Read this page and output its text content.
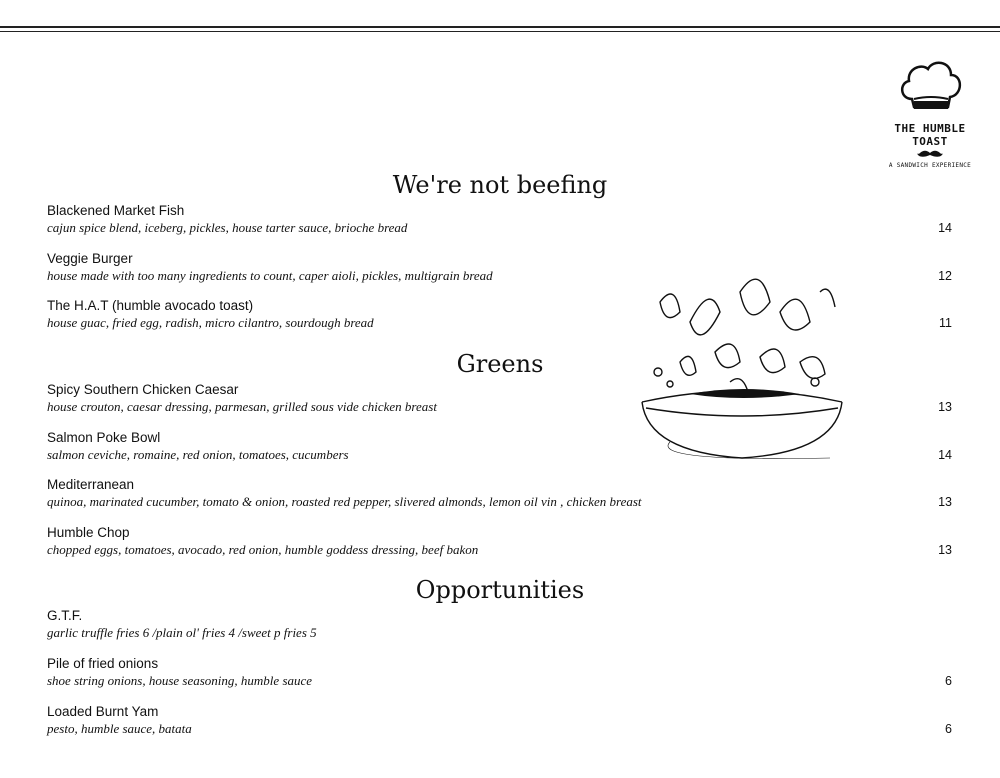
THE HUMBLE TOAST
A SANDWICH EXPERIENCE
We're not beefing
Blackened Market Fish
cajun spice blend, iceberg, pickles, house tarter sauce, brioche bread	14
Veggie Burger
house made with too many ingredients to count, caper aioli, pickles, multigrain bread	12
The H.A.T (humble avocado toast)
house guac, fried egg, radish, micro cilantro, sourdough bread	11
Greens
Spicy Southern Chicken Caesar
house crouton, caesar dressing, parmesan, grilled sous vide chicken breast	13
Salmon Poke Bowl
salmon ceviche, romaine, red onion, tomatoes, cucumbers	14
Mediterranean
quinoa, marinated cucumber, tomato & onion, roasted red pepper, slivered almonds, lemon oil vin , chicken breast	13
Humble Chop
chopped eggs, tomatoes, avocado, red onion, humble goddess dressing, beef bakon	13
Opportunities
G.T.F.
garlic truffle fries 6 /plain ol' fries 4 /sweet p fries 5
Pile of fried onions
shoe string onions, house seasoning, humble sauce	6
Loaded Burnt Yam
pesto, humble sauce, batata	6
